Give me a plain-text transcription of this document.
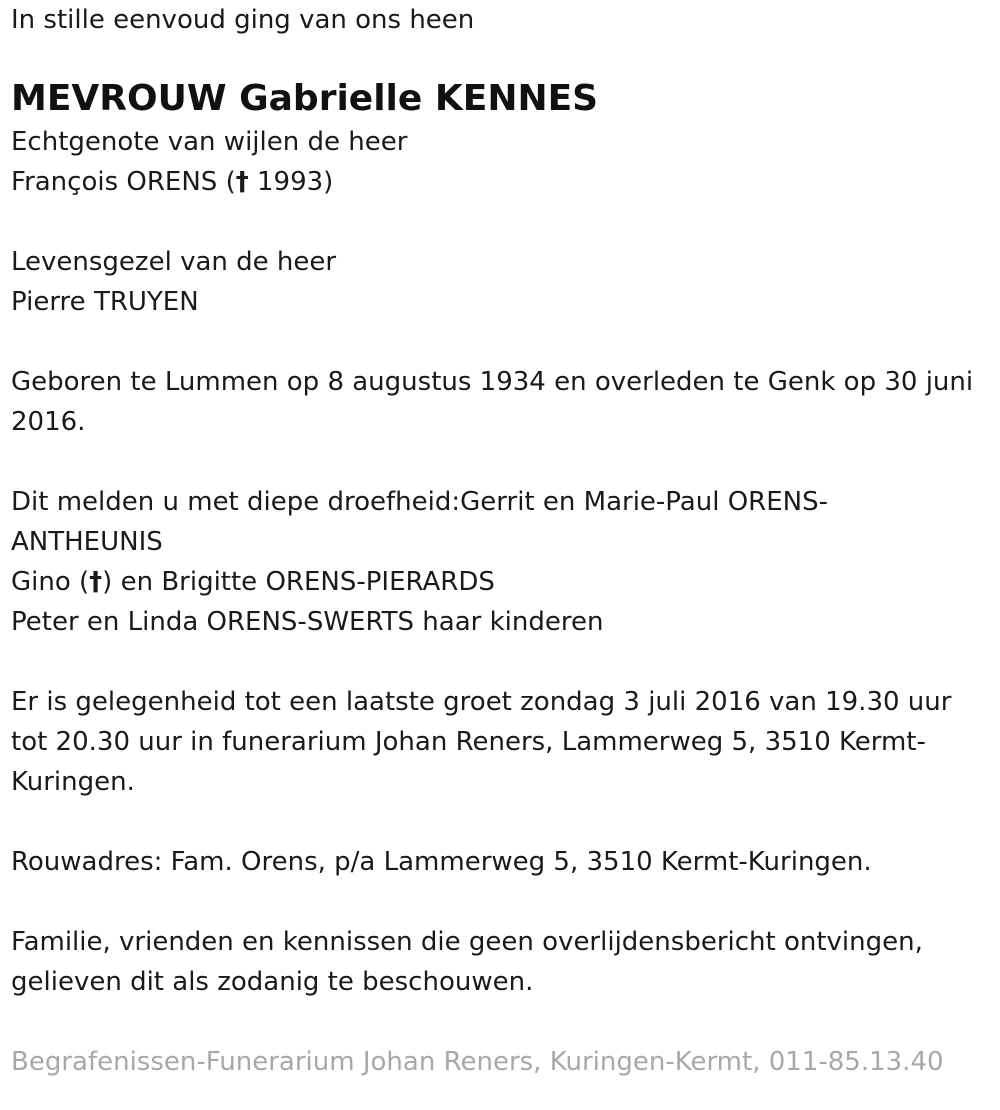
In stille eenvoud ging van ons heen
MEVROUW Gabrielle KENNES
Echtgenote van wijlen de heer
François ORENS († 1993)
Levensgezel van de heer
Pierre TRUYEN
Geboren te Lummen op 8 augustus 1934 en overleden te Genk op 30 juni
2016.
Dit melden u met diepe droefheid:Gerrit en Marie-Paul ORENS-
ANTHEUNIS
Gino (†) en Brigitte ORENS-PIERARDS
Peter en Linda ORENS-SWERTS haar kinderen
Er is gelegenheid tot een laatste groet zondag 3 juli 2016 van 19.30 uur
tot 20.30 uur in funerarium Johan Reners, Lammerweg 5, 3510 Kermt-
Kuringen.
Rouwadres: Fam. Orens, p/a Lammerweg 5, 3510 Kermt-Kuringen.
Familie, vrienden en kennissen die geen overlijdensbericht ontvingen,
gelieven dit als zodanig te beschouwen.
Begrafenissen-Funerarium Johan Reners, Kuringen-Kermt, 011-85.13.40
